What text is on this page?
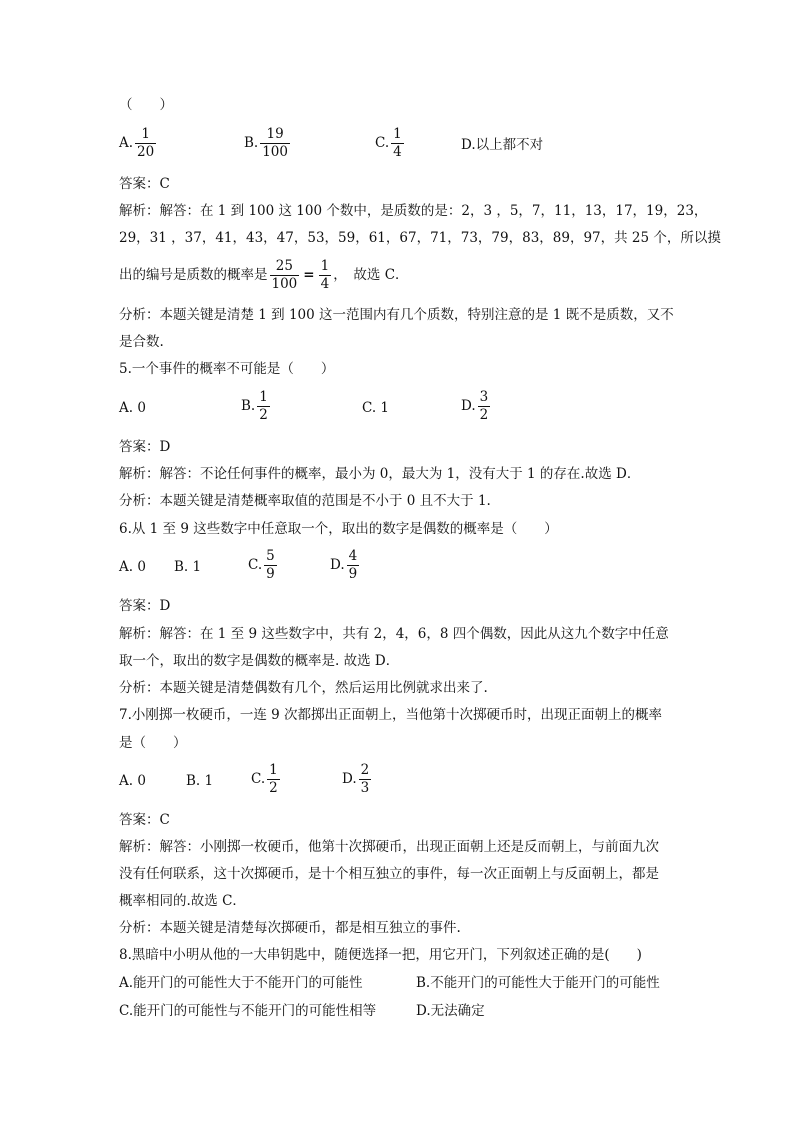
（　　）
A. $\frac{1}{20}$	B. $\frac{19}{100}$	C. $\frac{1}{4}$	D.以上都不对
答案：C
解析：解答：在 1 到 100 这 100 个数中，是质数的是：2，3 ，5，7，11，13，17，19，23，
29，31 ，37，41，43，47，53，59，61，67，71，73，79，83，89，97，共 25 个，所以摸
出的编号是质数的概率是 $\frac{25}{100} = \frac{1}{4}$ ，　故选 C．
分析：本题关键是清楚 1 到 100 这一范围内有几个质数，特别注意的是 1 既不是质数，又不
是合数.
5.一个事件的概率不可能是（　　）
A. 0	B. $\frac{1}{2}$	C. 1	D. $\frac{3}{2}$
答案：D
解析：解答：不论任何事件的概率，最小为 0，最大为 1，没有大于 1 的存在.故选 D．
分析：本题关键是清楚概率取值的范围是不小于 0 且不大于 1.
6.从 1 至 9 这些数字中任意取一个，取出的数字是偶数的概率是（　　）
A. 0 B. 1	C. $\frac{5}{9}$	D. $\frac{4}{9}$
答案：D
解析：解答：在 1 至 9 这些数字中，共有 2，4，6，8 四个偶数，因此从这九个数字中任意
取一个，取出的数字是偶数的概率是. 故选 D．
分析：本题关键是清楚偶数有几个，然后运用比例就求出来了.
7.小刚掷一枚硬币，一连 9 次都掷出正面朝上，当他第十次掷硬币时，出现正面朝上的概率
是（　　）
A. 0	B. 1	C. $\frac{1}{2}$	D. $\frac{2}{3}$
答案：C
解析：解答：小刚掷一枚硬币，他第十次掷硬币，出现正面朝上还是反而朝上，与前面九次
没有任何联系，这十次掷硬币，是十个相互独立的事件，每一次正面朝上与反面朝上，都是
概率相同的.故选 C．
分析：本题关键是清楚每次掷硬币，都是相互独立的事件.
8.黑暗中小明从他的一大串钥匙中，随便选择一把，用它开门，下列叙述正确的是(　　)
A.能开门的可能性大于不能开门的可能性	B.不能开门的可能性大于能开门的可能性
C.能开门的可能性与不能开门的可能性相等	D.无法确定
